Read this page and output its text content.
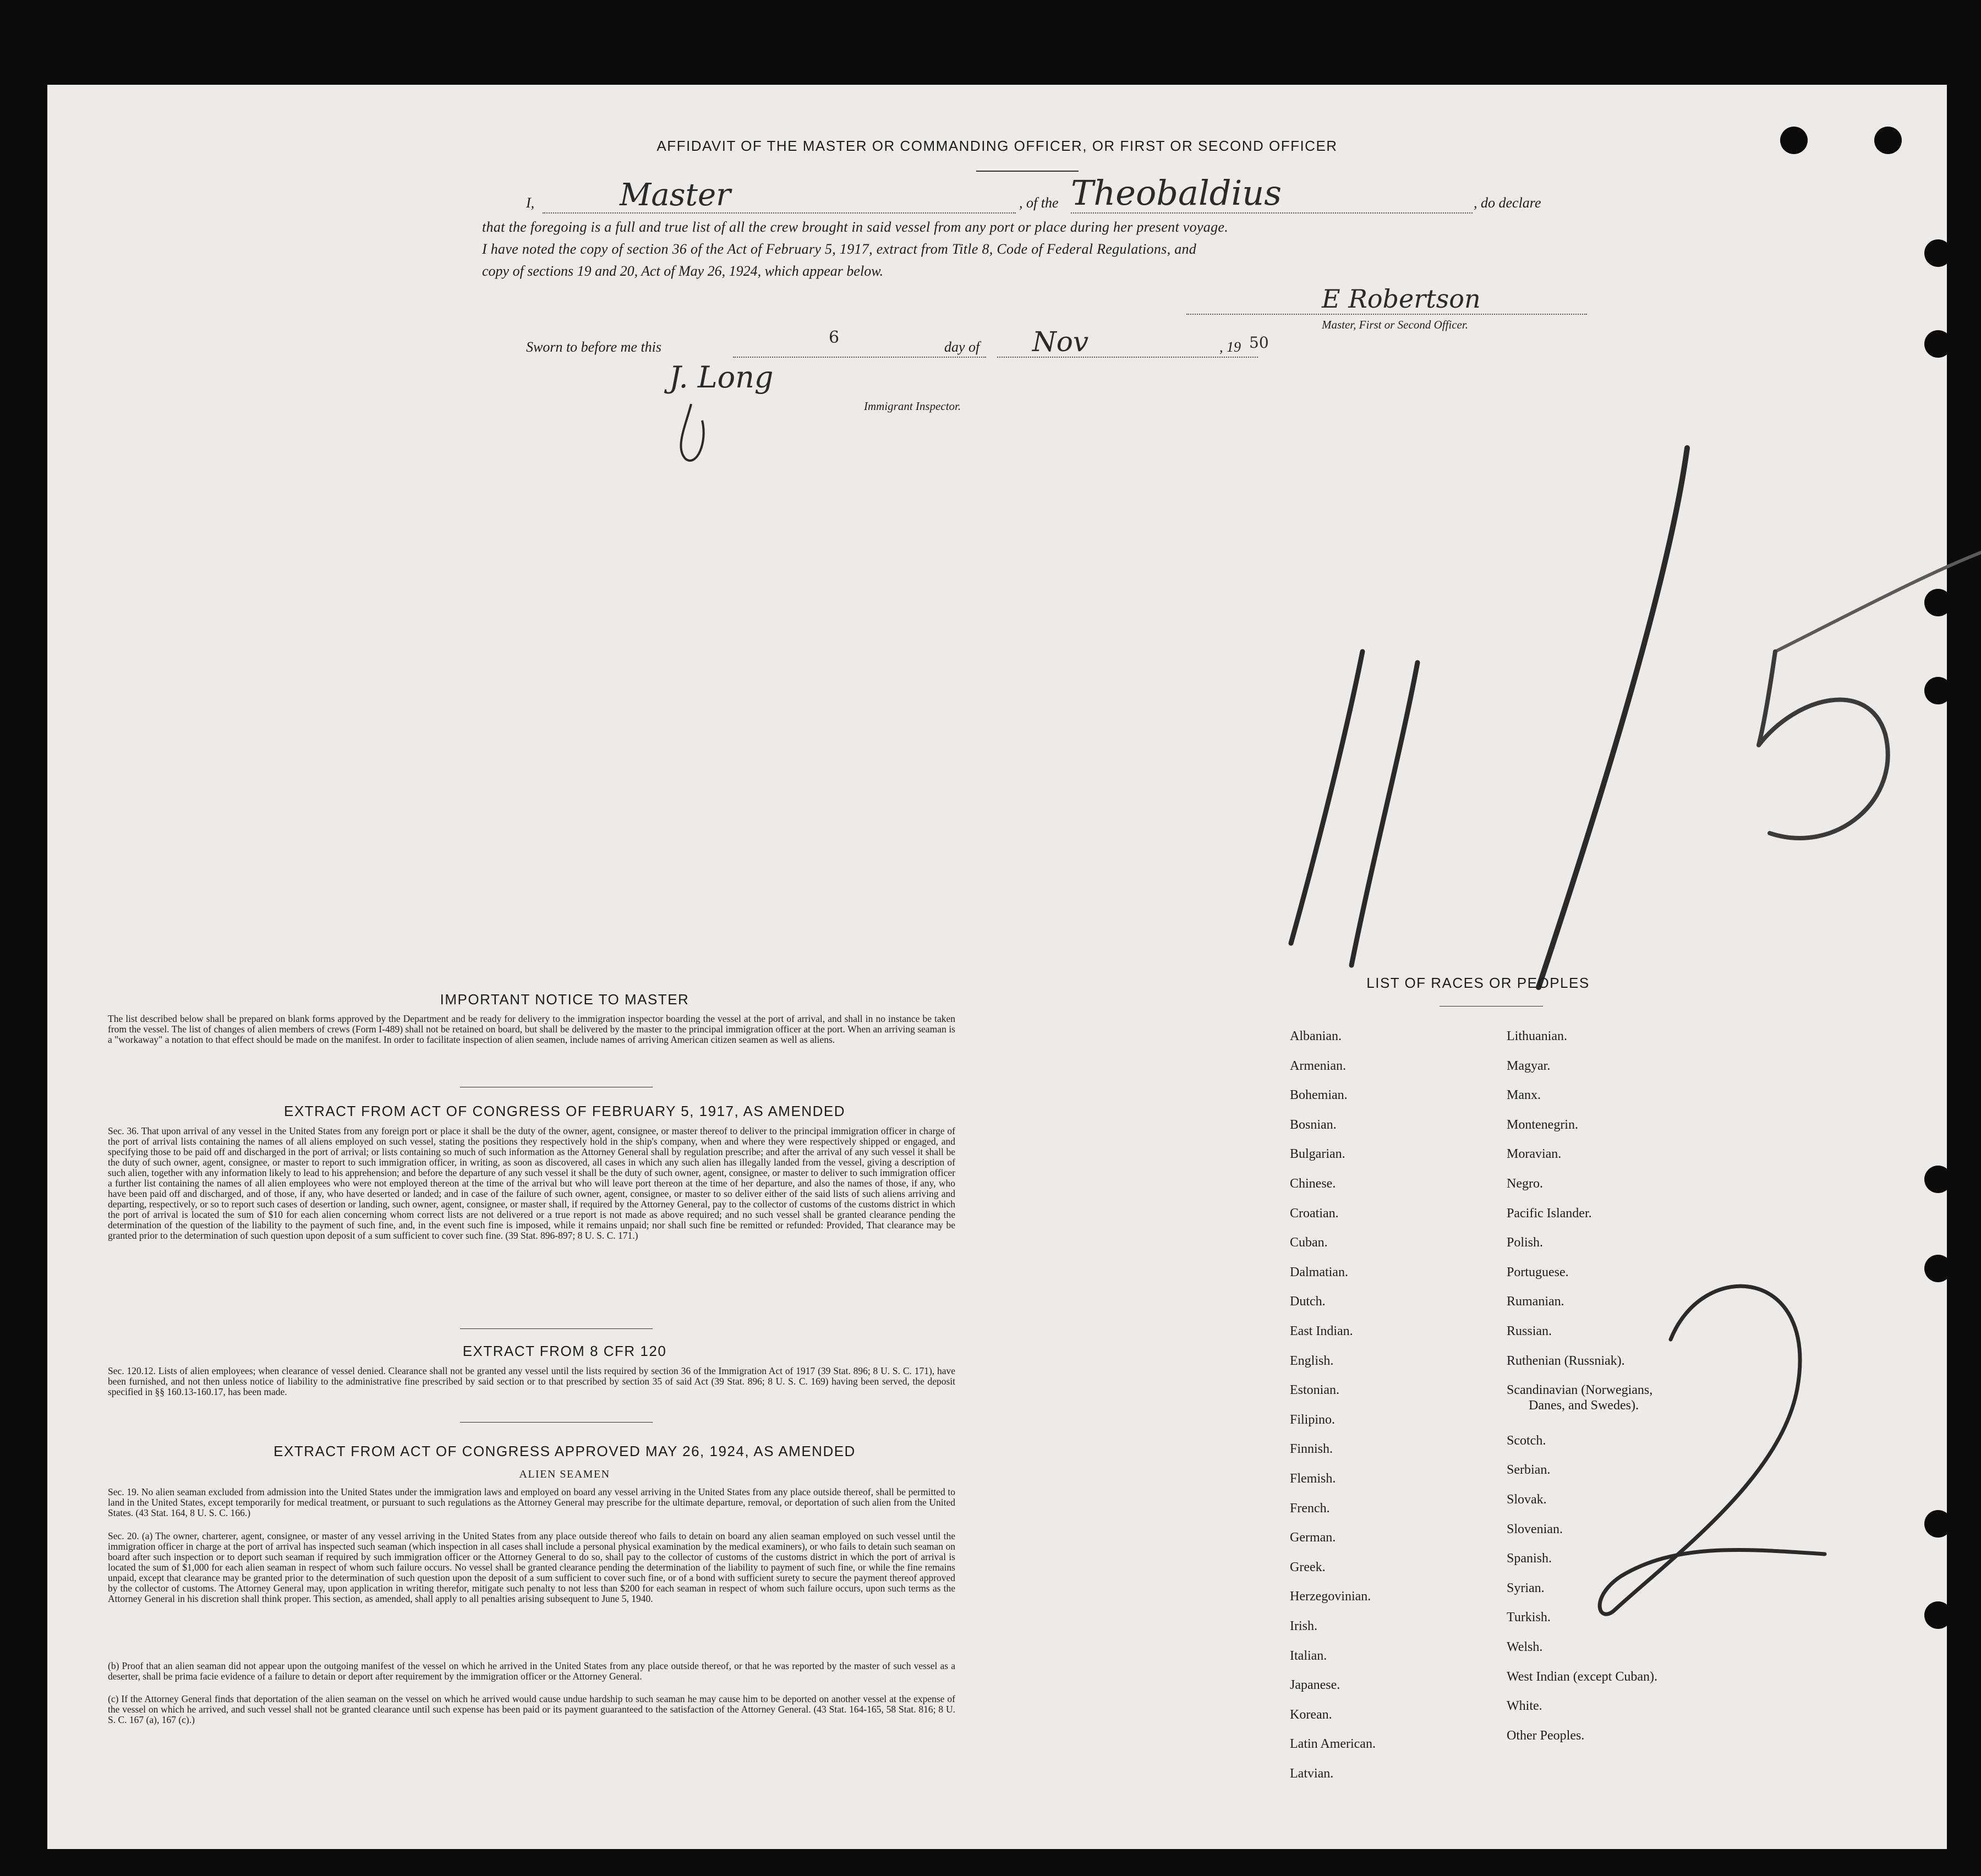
AFFIDAVIT OF THE MASTER OR COMMANDING OFFICER, OR FIRST OR SECOND OFFICER
I,	Master	, of the Theobaldius	, do declare
that the foregoing is a full and true list of all the crew brought in said vessel from any port or place during her present voyage.
I have noted the copy of section 36 of the Act of February 5, 1917, extract from Title 8, Code of Federal Regulations, and
copy of sections 19 and 20, Act of May 26, 1924, which appear below.
E Robertson
Master, First or Second Officer.
Sworn to before me this	6	day of Nov	, 19 50
J. Long
Immigrant Inspector.
IMPORTANT NOTICE TO MASTER
The list described below shall be prepared on blank forms approved by the Department and be ready for delivery to the immigration inspector boarding the vessel at the port of arrival, and shall in no instance be taken from the vessel. The list of changes of alien members of crews (Form I-489) shall not be retained on board, but shall be delivered by the master to the principal immigration officer at the port. When an arriving seaman is a "workaway" a notation to that effect should be made on the manifest. In order to facilitate inspection of alien seamen, include names of arriving American citizen seamen as well as aliens.
EXTRACT FROM ACT OF CONGRESS OF FEBRUARY 5, 1917, AS AMENDED
Sec. 36. That upon arrival of any vessel in the United States from any foreign port or place it shall be the duty of the owner, agent, consignee, or master thereof to deliver to the principal immigration officer in charge of the port of arrival lists containing the names of all aliens employed on such vessel, stating the positions they respectively hold in the ship's company, when and where they were respectively shipped or engaged, and specifying those to be paid off and discharged in the port of arrival; or lists containing so much of such information as the Attorney General shall by regulation prescribe; and after the arrival of any such vessel it shall be the duty of such owner, agent, consignee, or master to report to such immigration officer, in writing, as soon as discovered, all cases in which any such alien has illegally landed from the vessel, giving a description of such alien, together with any information likely to lead to his apprehension; and before the departure of any such vessel it shall be the duty of such owner, agent, consignee, or master to deliver to such immigration officer a further list containing the names of all alien employees who were not employed thereon at the time of the arrival but who will leave port thereon at the time of her departure, and also the names of those, if any, who have been paid off and discharged, and of those, if any, who have deserted or landed; and in case of the failure of such owner, agent, consignee, or master to so deliver either of the said lists of such aliens arriving and departing, respectively, or so to report such cases of desertion or landing, such owner, agent, consignee, or master shall, if required by the Attorney General, pay to the collector of customs of the customs district in which the port of arrival is located the sum of $10 for each alien concerning whom correct lists are not delivered or a true report is not made as above required; and no such vessel shall be granted clearance pending the determination of the question of the liability to the payment of such fine, and, in the event such fine is imposed, while it remains unpaid; nor shall such fine be remitted or refunded: Provided, That clearance may be granted prior to the determination of such question upon deposit of a sum sufficient to cover such fine. (39 Stat. 896-897; 8 U. S. C. 171.)
EXTRACT FROM 8 CFR 120
Sec. 120.12. Lists of alien employees; when clearance of vessel denied. Clearance shall not be granted any vessel until the lists required by section 36 of the Immigration Act of 1917 (39 Stat. 896; 8 U. S. C. 171), have been furnished, and not then unless notice of liability to the administrative fine prescribed by said section or to that prescribed by section 35 of said Act (39 Stat. 896; 8 U. S. C. 169) having been served, the deposit specified in §§ 160.13-160.17, has been made.
EXTRACT FROM ACT OF CONGRESS APPROVED MAY 26, 1924, AS AMENDED
ALIEN SEAMEN
Sec. 19. No alien seaman excluded from admission into the United States under the immigration laws and employed on board any vessel arriving in the United States from any place outside thereof, shall be permitted to land in the United States, except temporarily for medical treatment, or pursuant to such regulations as the Attorney General may prescribe for the ultimate departure, removal, or deportation of such alien from the United States. (43 Stat. 164, 8 U. S. C. 166.)
Sec. 20. (a) The owner, charterer, agent, consignee, or master of any vessel arriving in the United States from any place outside thereof who fails to detain on board any alien seaman employed on such vessel until the immigration officer in charge at the port of arrival has inspected such seaman (which inspection in all cases shall include a personal physical examination by the medical examiners), or who fails to detain such seaman on board after such inspection or to deport such seaman if required by such immigration officer or the Attorney General to do so, shall pay to the collector of customs of the customs district in which the port of arrival is located the sum of $1,000 for each alien seaman in respect of whom such failure occurs. No vessel shall be granted clearance pending the determination of the liability to payment of such fine, or while the fine remains unpaid, except that clearance may be granted prior to the determination of such question upon the deposit of a sum sufficient to cover such fine, or of a bond with sufficient surety to secure the payment thereof approved by the collector of customs. The Attorney General may, upon application in writing therefor, mitigate such penalty to not less than $200 for each seaman in respect of whom such failure occurs, upon such terms as the Attorney General in his discretion shall think proper. This section, as amended, shall apply to all penalties arising subsequent to June 5, 1940.
(b) Proof that an alien seaman did not appear upon the outgoing manifest of the vessel on which he arrived in the United States from any place outside thereof, or that he was reported by the master of such vessel as a deserter, shall be prima facie evidence of a failure to detain or deport after requirement by the immigration officer or the Attorney General.
(c) If the Attorney General finds that deportation of the alien seaman on the vessel on which he arrived would cause undue hardship to such seaman he may cause him to be deported on another vessel at the expense of the vessel on which he arrived, and such vessel shall not be granted clearance until such expense has been paid or its payment guaranteed to the satisfaction of the Attorney General. (43 Stat. 164-165, 58 Stat. 816; 8 U. S. C. 167 (a), 167 (c).)
LIST OF RACES OR PEOPLES
Albanian.
Armenian.
Bohemian.
Bosnian.
Bulgarian.
Chinese.
Croatian.
Cuban.
Dalmatian.
Dutch.
East Indian.
English.
Estonian.
Filipino.
Finnish.
Flemish.
French.
German.
Greek.
Herzegovinian.
Irish.
Italian.
Japanese.
Korean.
Latin American.
Latvian.
Lithuanian.
Magyar.
Manx.
Montenegrin.
Moravian.
Negro.
Pacific Islander.
Polish.
Portuguese.
Rumanian.
Russian.
Ruthenian (Russniak).
Scandinavian (Norwegians,
Danes, and Swedes).
Scotch.
Serbian.
Slovak.
Slovenian.
Spanish.
Syrian.
Turkish.
Welsh.
West Indian (except Cuban).
White.
Other Peoples.
